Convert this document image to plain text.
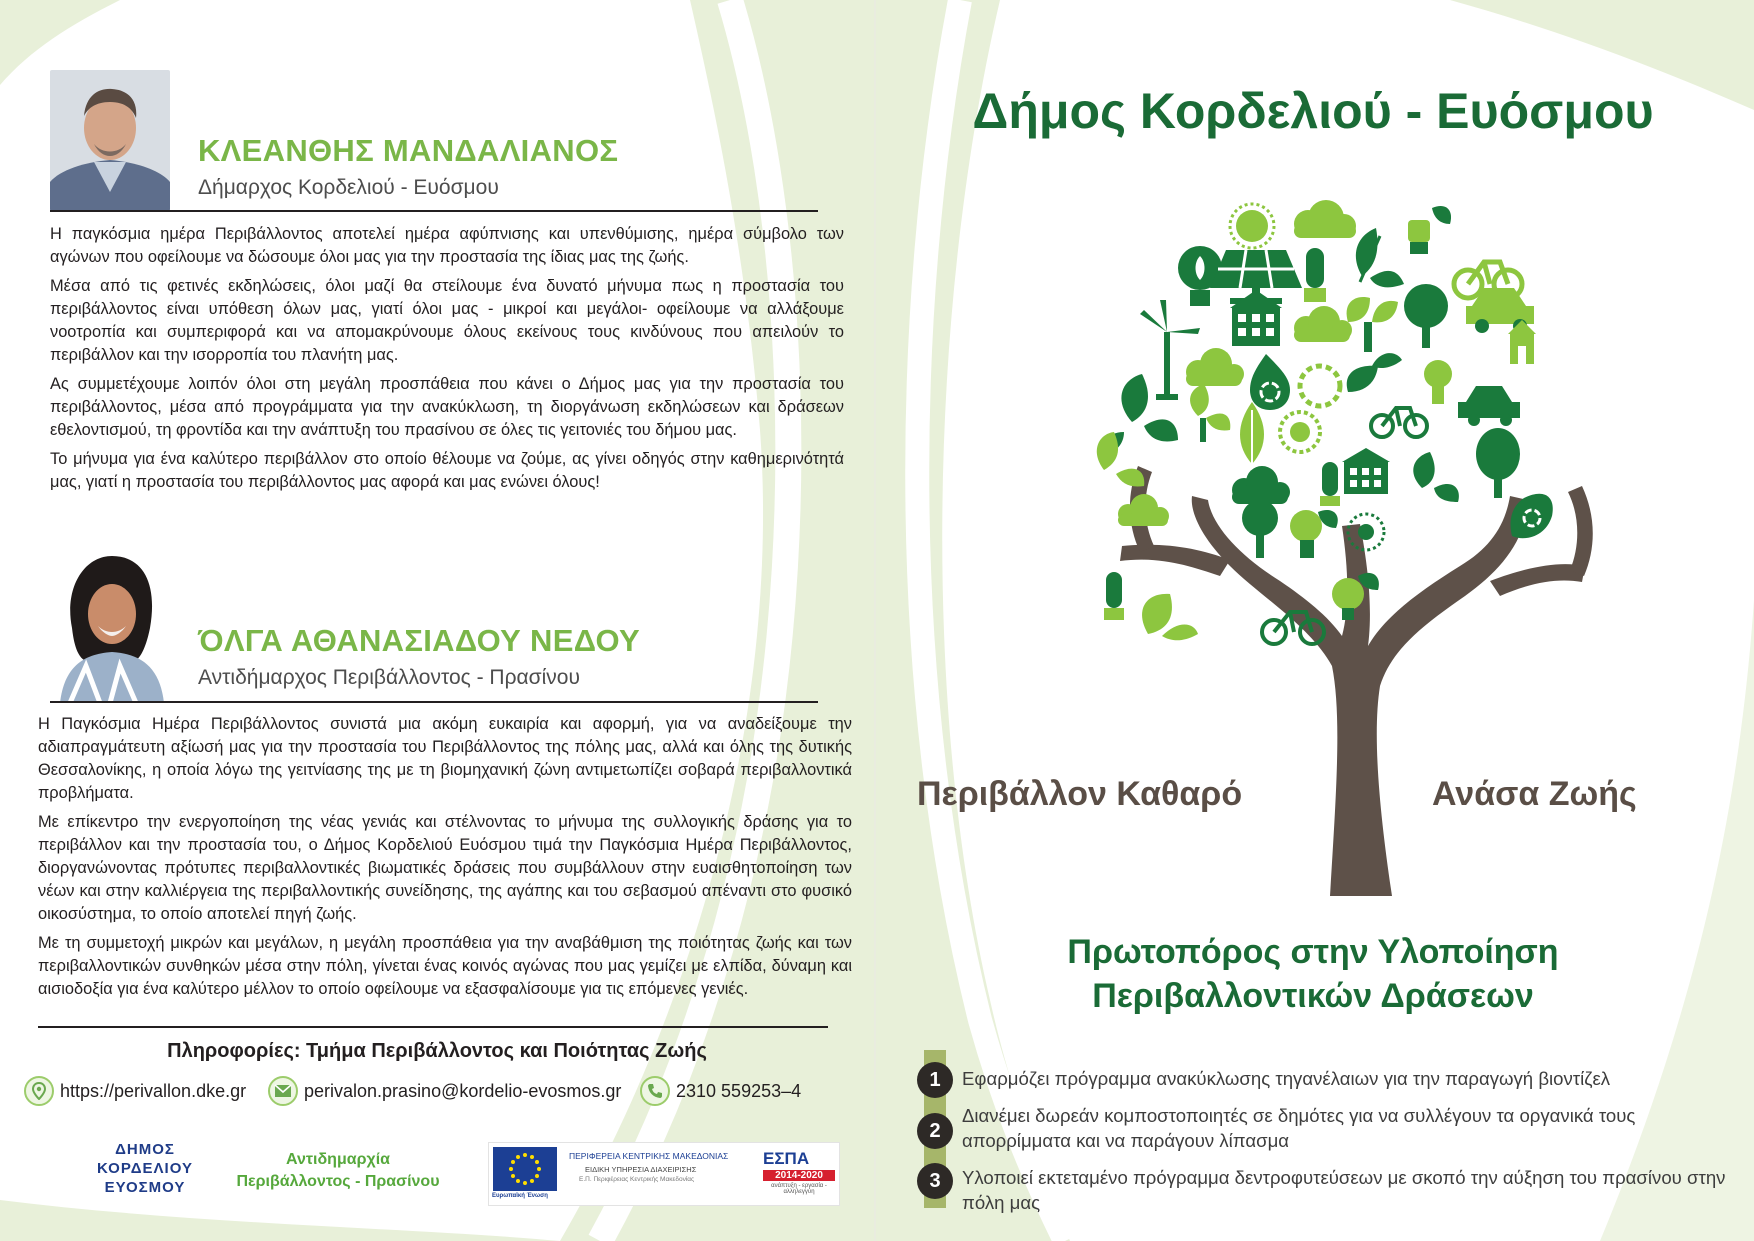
ΚΛΕΑΝΘΗΣ ΜΑΝΔΑΛΙΑΝΟΣ
Δήμαρχος Κορδελιού - Ευόσμου

Η παγκόσμια ημέρα Περιβάλλοντος αποτελεί ημέρα αφύπνισης και υπενθύμισης, ημέρα σύμβολο των αγώνων που οφείλουμε να δώσουμε όλοι μας για την προστασία της ίδιας μας της ζωής.

Μέσα από τις φετινές εκδηλώσεις, όλοι μαζί θα στείλουμε ένα δυνατό μήνυμα πως η προστασία του περιβάλλοντος είναι υπόθεση όλων μας, γιατί όλοι μας - μικροί και μεγάλοι- οφείλουμε να αλλάξουμε νοοτροπία και συμπεριφορά και να απομακρύνουμε όλους εκείνους τους κινδύνους που απειλούν το περιβάλλον και την ισορροπία του πλανήτη μας.

Ας συμμετέχουμε λοιπόν όλοι στη μεγάλη προσπάθεια που κάνει ο Δήμος μας για την προστασία του περιβάλλοντος, μέσα από προγράμματα για την ανακύκλωση, τη διοργάνωση εκδηλώσεων και δράσεων εθελοντισμού, τη φροντίδα και την ανάπτυξη του πρασίνου σε όλες τις γειτονιές του δήμου μας.

Το μήνυμα για ένα καλύτερο περιβάλλον στο οποίο θέλουμε να ζούμε, ας γίνει οδηγός στην καθημερινότητά μας, γιατί η προστασία του περιβάλλοντος μας αφορά και μας ενώνει όλους!

ΌΛΓΑ ΑΘΑΝΑΣΙΑΔΟΥ ΝΕΔΟΥ
Αντιδήμαρχος Περιβάλλοντος - Πρασίνου

Η Παγκόσμια Ημέρα Περιβάλλοντος συνιστά μια ακόμη ευκαιρία και αφορμή, για να αναδείξουμε την αδιαπραγμάτευτη αξίωσή μας για την προστασία του Περιβάλλοντος της πόλης μας, αλλά και όλης της δυτικής Θεσσαλονίκης, η οποία λόγω της γειτνίασης της με τη βιομηχανική ζώνη αντιμετωπίζει σοβαρά περιβαλλοντικά προβλήματα.

Με επίκεντρο την ενεργοποίηση της νέας γενιάς και στέλνοντας το μήνυμα της συλλογικής δράσης για το περιβάλλον και την προστασία του, ο Δήμος Κορδελιού Ευόσμου τιμά την Παγκόσμια Ημέρα Περιβάλλοντος, διοργανώνοντας πρότυπες περιβαλλοντικές βιωματικές δράσεις που συμβάλλουν στην ευαισθητοποίηση των νέων και στην καλλιέργεια της περιβαλλοντικής συνείδησης, της αγάπης και του σεβασμού απέναντι στο φυσικό οικοσύστημα, το οποίο αποτελεί πηγή ζωής.

Με τη συμμετοχή μικρών και μεγάλων, η μεγάλη προσπάθεια για την αναβάθμιση της ποιότητας ζωής και των περιβαλλοντικών συνθηκών μέσα στην πόλη, γίνεται ένας κοινός αγώνας που μας γεμίζει με ελπίδα, δύναμη και αισιοδοξία για ένα καλύτερο μέλλον το οποίο οφείλουμε να εξασφαλίσουμε για τις επόμενες γενιές.

Πληροφορίες: Τμήμα Περιβάλλοντος και Ποιότητας Ζωής
https://perivallon.dke.gr	perivalon.prasino@kordelio-evosmos.gr	2310 559253–4
ΔΗΜΟΣ
ΚΟΡΔΕΛΙΟΥ
ΕΥΟΣΜΟΥ
Αντιδημαρχία
Περιβάλλοντος - Πρασίνου
Ευρωπαϊκή Ένωση
ΠΕΡΙΦΕΡΕΙΑ ΚΕΝΤΡΙΚΗΣ ΜΑΚΕΔΟΝΙΑΣ
ΕΙΔΙΚΗ ΥΠΗΡΕΣΙΑ ΔΙΑΧΕΙΡΙΣΗΣ
Ε.Π. Περιφέρειας Κεντρικής Μακεδονίας
ΕΣΠΑ
2014-2020
ανάπτυξη - εργασία - αλληλεγγύη
Δήμος Κορδελιού - Ευόσμου
Περιβάλλον Καθαρό	Ανάσα Ζωής
Πρωτοπόρος στην Υλοποίηση
Περιβαλλοντικών Δράσεων
1	Εφαρμόζει πρόγραμμα ανακύκλωσης τηγανέλαιων για την παραγωγή βιοντίζελ
2
Διανέμει δωρεάν κομποστοποιητές σε δημότες για να συλλέγουν τα οργανικά τους απορρίμματα και να παράγουν λίπασμα
3	Υλοποιεί εκτεταμένο πρόγραμμα δεντροφυτεύσεων με σκοπό την αύξηση του πρασίνου στην πόλη μας
